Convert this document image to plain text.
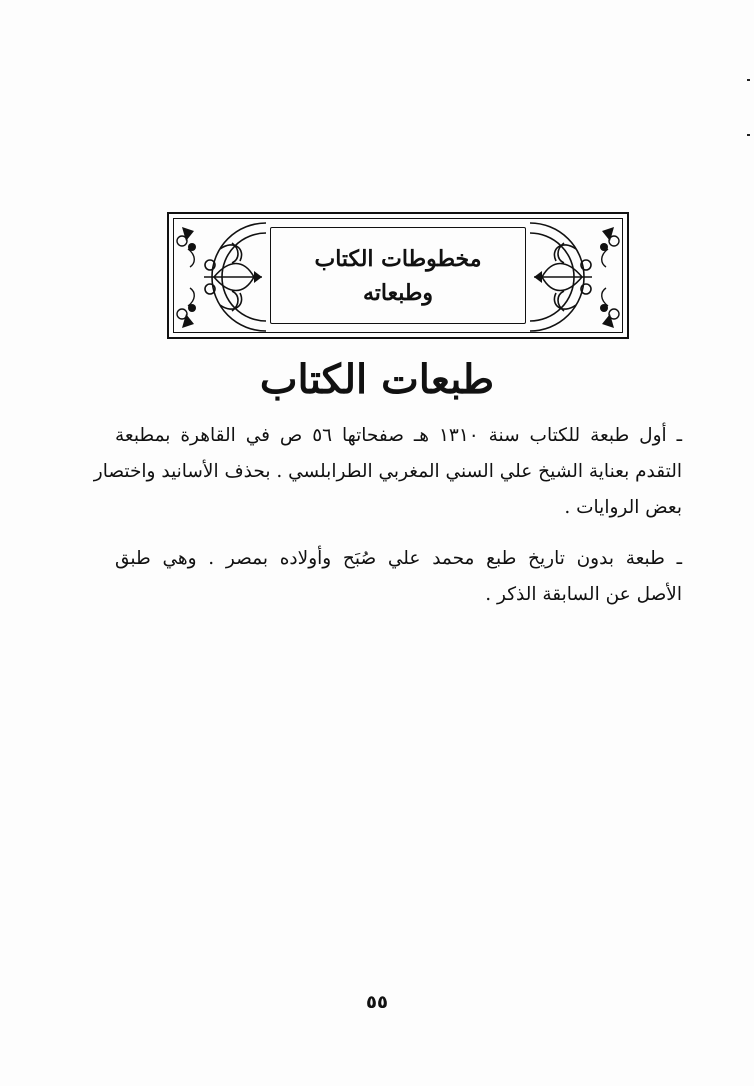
مخطوطات الكتاب
وطبعاته
طبعات الكتاب
ـ أول طبعة للكتاب سنة ١٣١٠ هـ صفحاتها ٥٦ ص في القاهرة بمطبعة
التقدم بعناية الشيخ علي السني المغربي الطرابلسي . بحذف الأسانيد واختصار
بعض الروايات .
ـ طبعة بدون تاريخ طبع محمد علي صُبَح وأولاده بمصر . وهي طبق
الأصل عن السابقة الذكر .
٥٥
